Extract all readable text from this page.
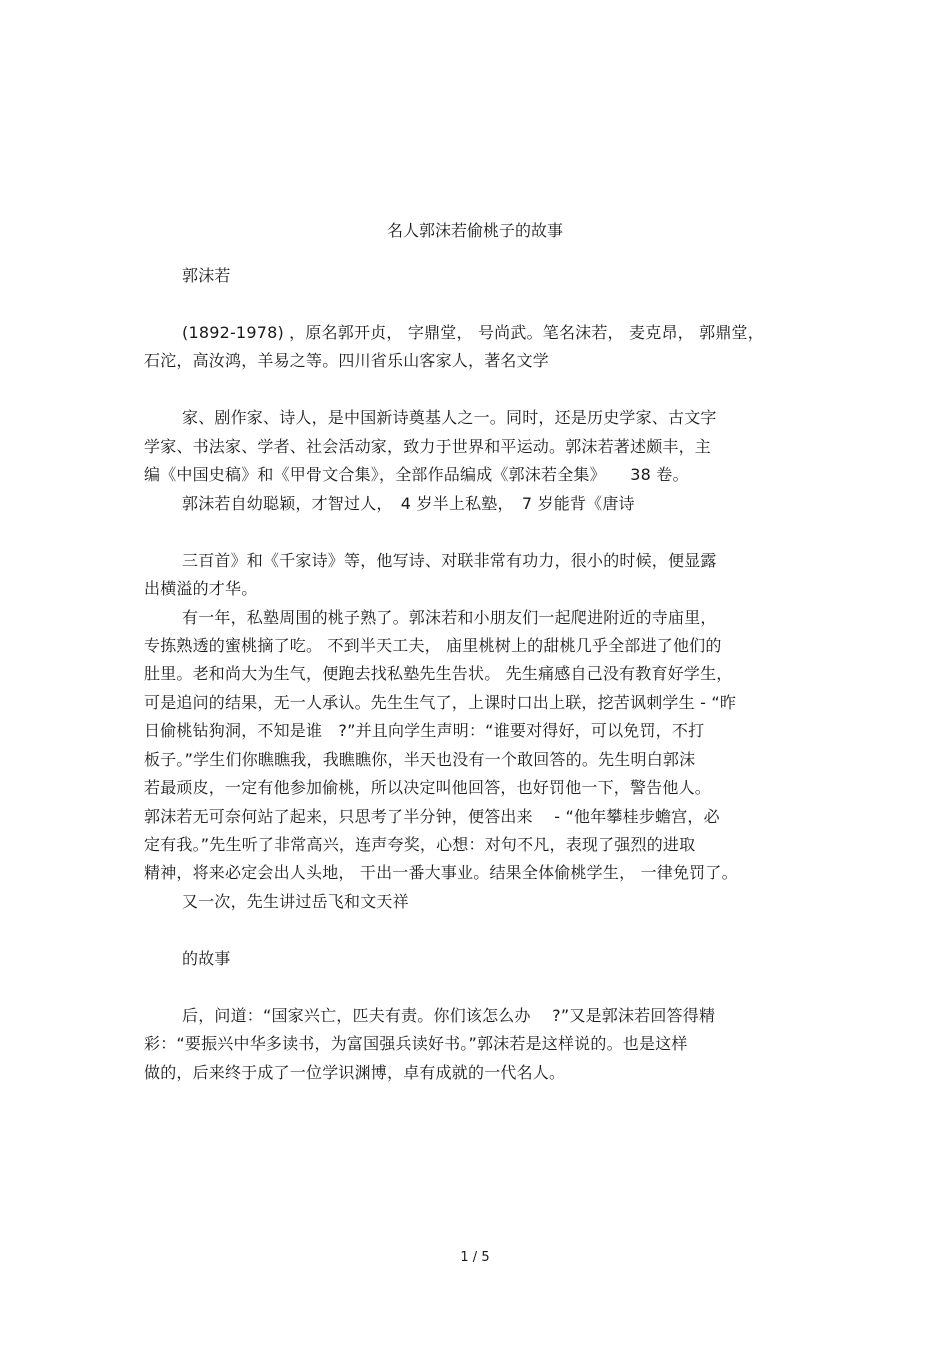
名人郭沫若偷桃子的故事
郭沫若
(1892-1978) ，原名郭开贞， 字鼎堂， 号尚武。笔名沫若， 麦克昂， 郭鼎堂，
石沱，高汝鸿，羊易之等。四川省乐山客家人，著名文学
家、剧作家、诗人，是中国新诗奠基人之一。同时，还是历史学家、古文字
学家、书法家、学者、社会活动家，致力于世界和平运动。郭沫若著述颇丰，主
编《中国史稿》和《甲骨文合集》，全部作品编成《郭沫若全集》　　38 卷。
郭沫若自幼聪颖，才智过人，　4 岁半上私塾，　7 岁能背《唐诗
三百首》和《千家诗》等，他写诗、对联非常有功力，很小的时候，便显露
出横溢的才华。
有一年，私塾周围的桃子熟了。郭沫若和小朋友们一起爬进附近的寺庙里，
专拣熟透的蜜桃摘了吃。 不到半天工夫， 庙里桃树上的甜桃几乎全部进了他们的
肚里。老和尚大为生气，便跑去找私塾先生告状。 先生痛感自己没有教育好学生，
可是追问的结果，无一人承认。先生生气了，上课时口出上联，挖苦讽刺学生 - “昨
日偷桃钻狗洞，不知是谁　?”并且向学生声明：“谁要对得好，可以免罚，不打
板子。”学生们你瞧瞧我，我瞧瞧你，半天也没有一个敢回答的。先生明白郭沫
若最顽皮，一定有他参加偷桃，所以决定叫他回答，也好罚他一下，警告他人。
郭沫若无可奈何站了起来，只思考了半分钟，便答出来　 - “他年攀桂步蟾宫，必
定有我。”先生听了非常高兴，连声夸奖，心想：对句不凡，表现了强烈的进取
精神，将来必定会出人头地， 干出一番大事业。结果全体偷桃学生， 一律免罚了。
又一次，先生讲过岳飞和文天祥
的故事
后，问道：“国家兴亡，匹夫有责。你们该怎么办　 ?”又是郭沫若回答得精
彩：“要振兴中华多读书，为富国强兵读好书。”郭沫若是这样说的。也是这样
做的，后来终于成了一位学识渊博，卓有成就的一代名人。
1 / 5
